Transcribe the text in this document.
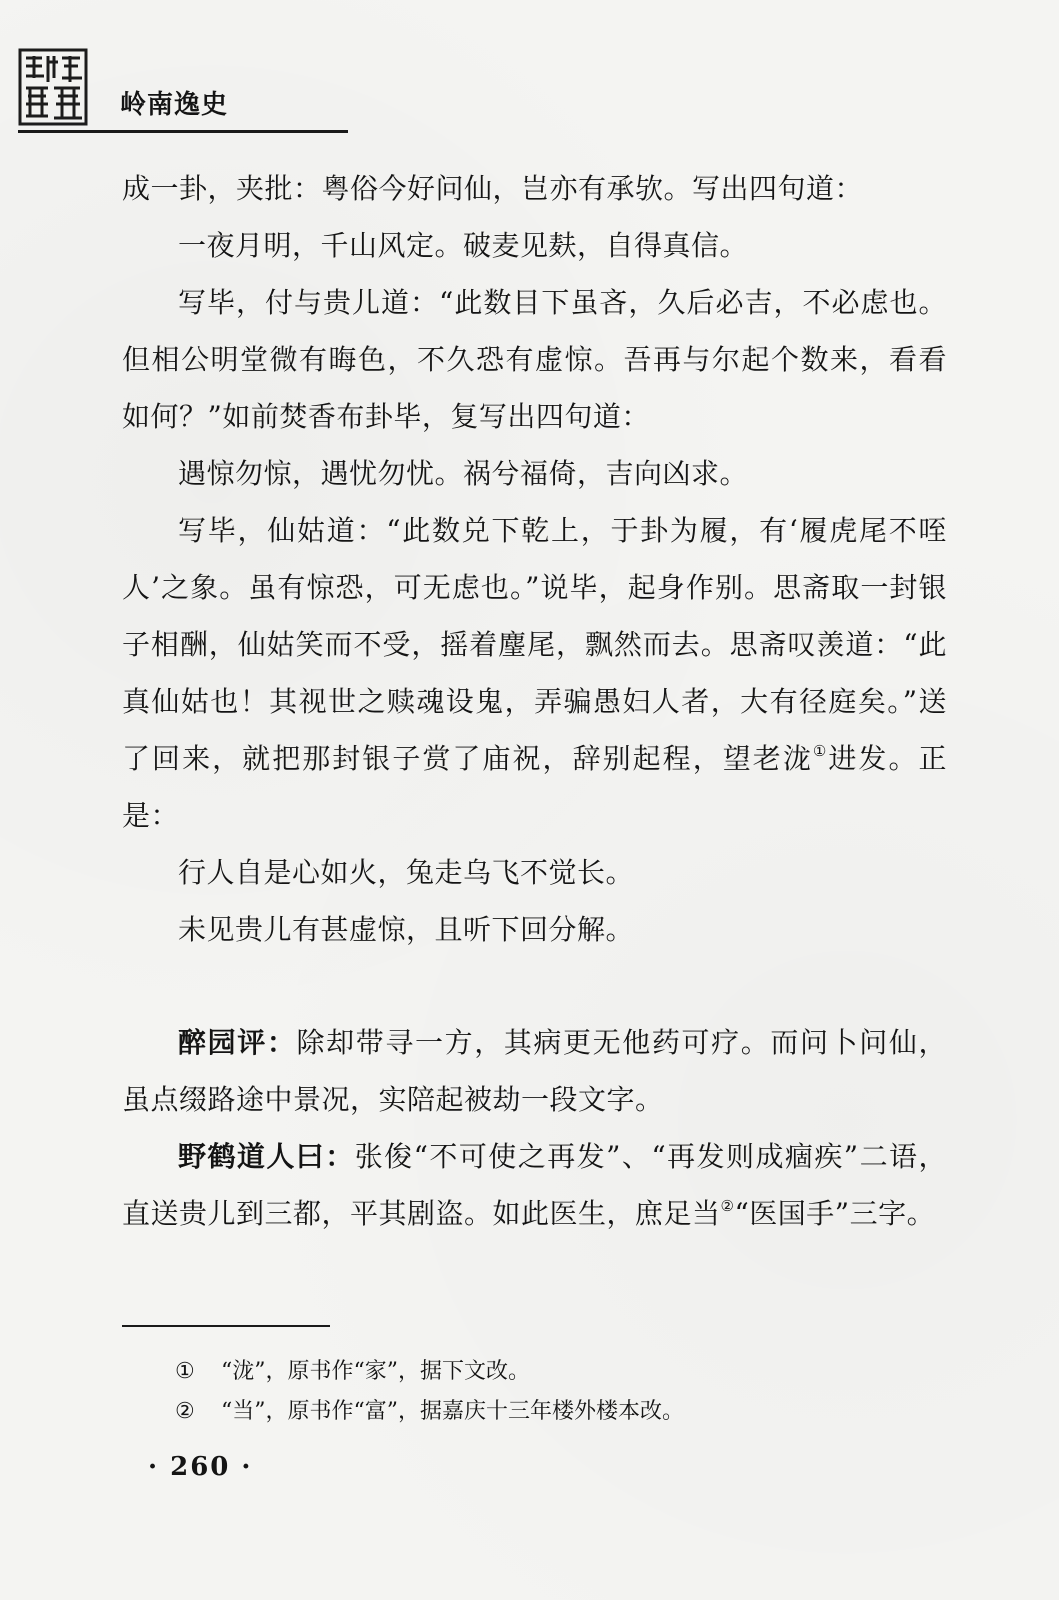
岭南逸史

成一卦，夹批：粤俗今好问仙，岂亦有承欤。写出四句道：

一夜月明，千山风定。破麦见麸，自得真信。

写毕，付与贵儿道：“此数目下虽吝，久后必吉，不必虑也。但相公明堂微有晦色，不久恐有虚惊。吾再与尔起个数来，看看如何？”如前焚香布卦毕，复写出四句道：

遇惊勿惊，遇忧勿忧。祸兮福倚，吉向凶求。

写毕，仙姑道：“此数兑下乾上，于卦为履，有‘履虎尾不咥人’之象。虽有惊恐，可无虑也。”说毕，起身作别。思斋取一封银子相酬，仙姑笑而不受，摇着麈尾，飘然而去。思斋叹羡道：“此真仙姑也！其视世之赎魂设鬼，弄骗愚妇人者，大有径庭矣。”送了回来，就把那封银子赏了庙祝，辞别起程，望老泷①进发。正是：

行人自是心如火，兔走乌飞不觉长。

未见贵儿有甚虚惊，且听下回分解。

醉园评：除却带寻一方，其病更无他药可疗。而问卜问仙，虽点缀路途中景况，实陪起被劫一段文字。

野鹤道人曰：张俊“不可使之再发”、“再发则成痼疾”二语，直送贵儿到三都，平其剧盗。如此医生，庶足当②“医国手”三字。

① “泷”，原书作“家”，据下文改。
② “当”，原书作“富”，据嘉庆十三年楼外楼本改。
· 260 ·
